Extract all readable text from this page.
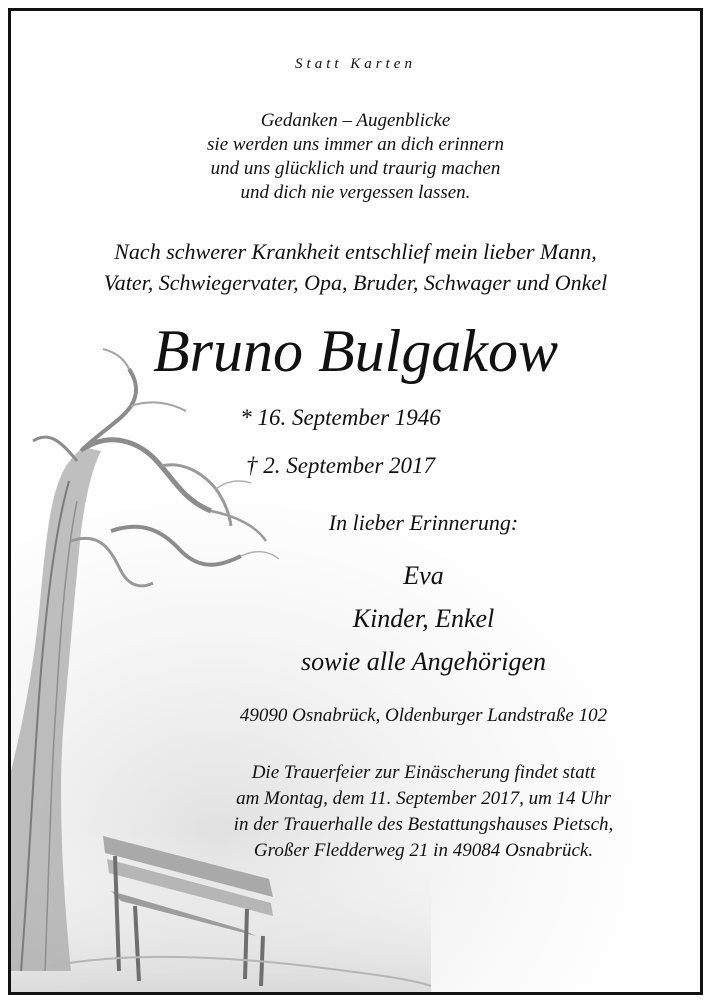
Statt Karten
Gedanken – Augenblicke
sie werden uns immer an dich erinnern
und uns glücklich und traurig machen
und dich nie vergessen lassen.
Nach schwerer Krankheit entschlief mein lieber Mann,
Vater, Schwiegervater, Opa, Bruder, Schwager und Onkel
Bruno Bulgakow
* 16. September 1946
† 2. September 2017
In lieber Erinnerung:
Eva
Kinder, Enkel
sowie alle Angehörigen
49090 Osnabrück, Oldenburger Landstraße 102
Die Trauerfeier zur Einäscherung findet statt
am Montag, dem 11. September 2017, um 14 Uhr
in der Trauerhalle des Bestattungshauses Pietsch,
Großer Fledderweg 21 in 49084 Osnabrück.
